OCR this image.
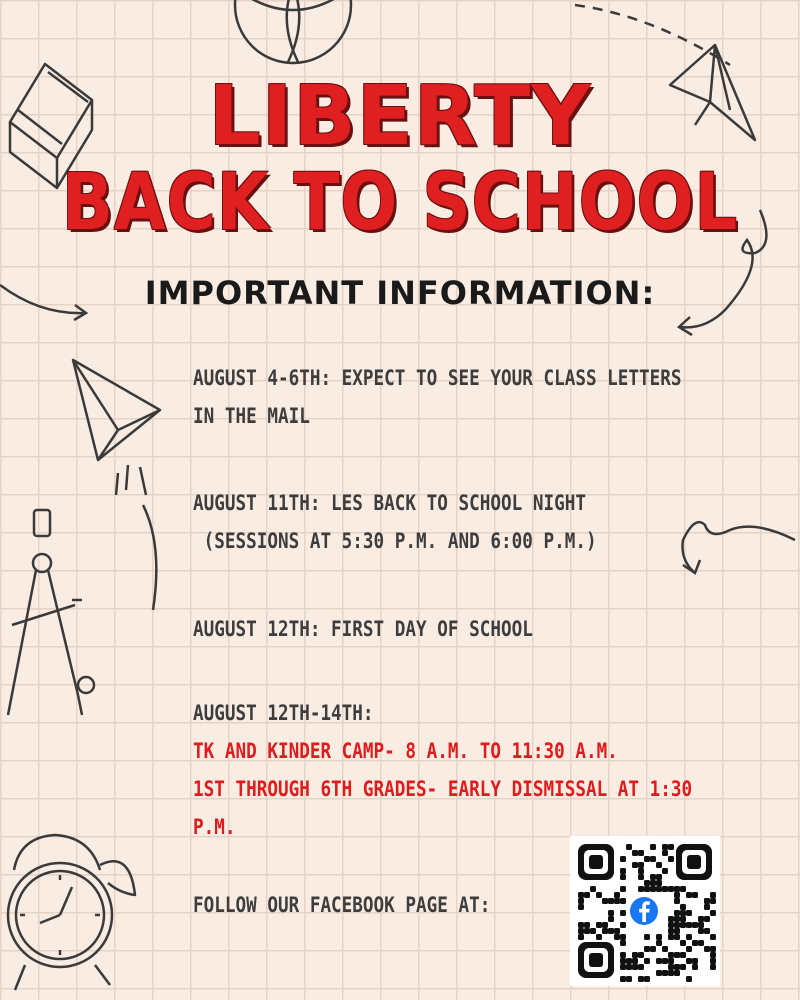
LIBERTY
BACK TO SCHOOL
IMPORTANT INFORMATION:
AUGUST 4-6TH: EXPECT TO SEE YOUR CLASS LETTERS
IN THE MAIL
AUGUST 11TH: LES BACK TO SCHOOL NIGHT
(SESSIONS AT 5:30 P.M. AND 6:00 P.M.)
AUGUST 12TH: FIRST DAY OF SCHOOL
AUGUST 12TH-14TH:
TK AND KINDER CAMP- 8 A.M. TO 11:30 A.M.
1ST THROUGH 6TH GRADES- EARLY DISMISSAL AT 1:30
P.M.
FOLLOW OUR FACEBOOK PAGE AT:
